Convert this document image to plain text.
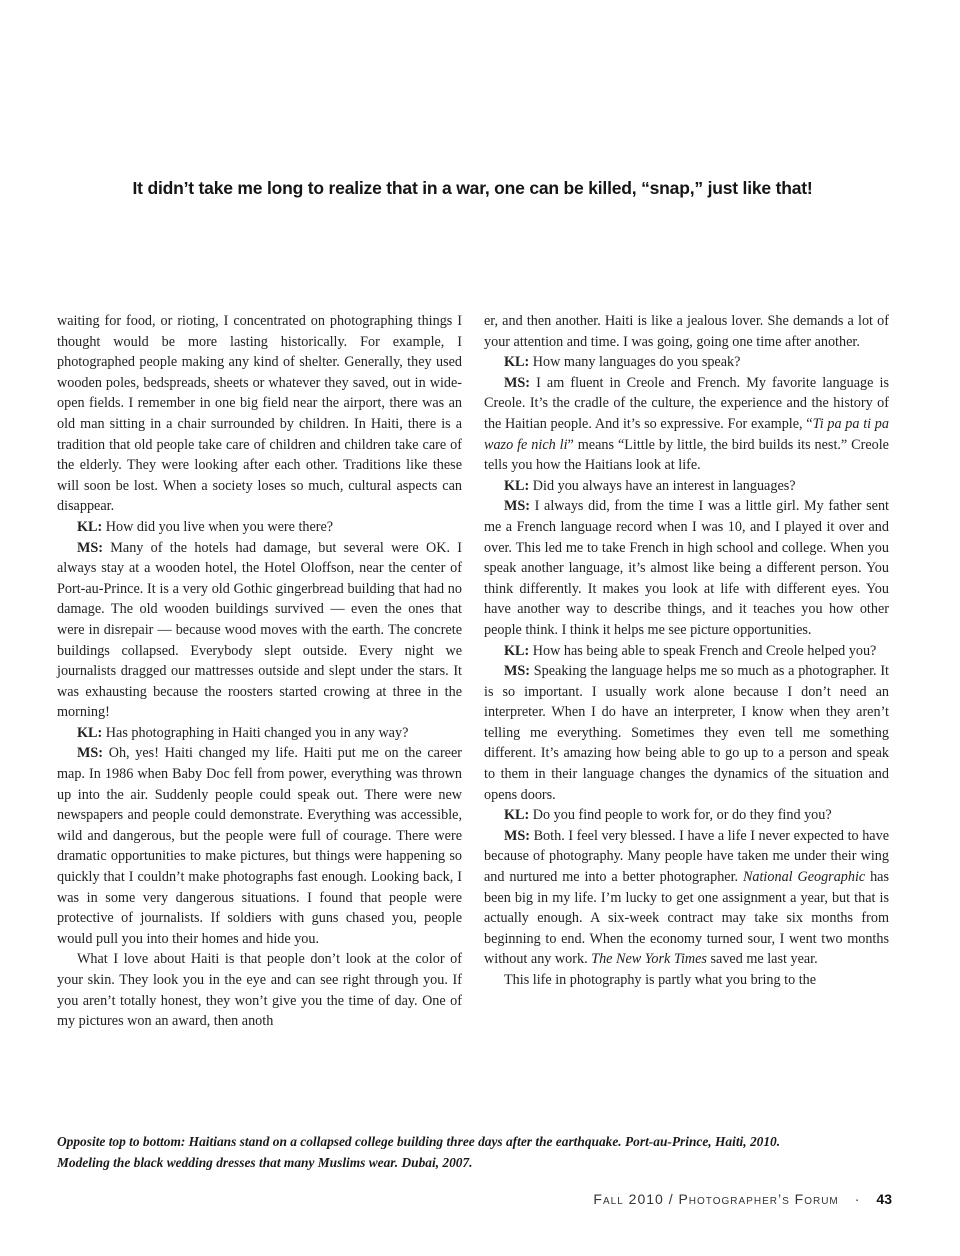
It didn’t take me long to realize that in a war, one can be killed, “snap,” just like that!

waiting for food, or rioting, I concentrated on photographing things I thought would be more lasting historically. For example, I photographed people making any kind of shelter. Generally, they used wooden poles, bedspreads, sheets or whatever they saved, out in wide-open fields. I remember in one big field near the airport, there was an old man sitting in a chair surrounded by children. In Haiti, there is a tradition that old people take care of children and children take care of the elderly. They were looking after each other. Traditions like these will soon be lost. When a society loses so much, cultural aspects can disappear.

KL: How did you live when you were there?

MS: Many of the hotels had damage, but several were OK. I always stay at a wooden hotel, the Hotel Oloffson, near the center of Port-au-Prince. It is a very old Gothic gingerbread building that had no damage. The old wooden buildings survived — even the ones that were in disrepair — because wood moves with the earth. The concrete buildings collapsed. Everybody slept outside. Every night we journalists dragged our mattresses outside and slept under the stars. It was exhausting because the roosters started crowing at three in the morning!

KL: Has photographing in Haiti changed you in any way?

MS: Oh, yes! Haiti changed my life. Haiti put me on the career map. In 1986 when Baby Doc fell from power, everything was thrown up into the air. Suddenly people could speak out. There were new newspapers and people could demonstrate. Everything was accessible, wild and dangerous, but the people were full of courage. There were dramatic opportunities to make pictures, but things were happening so quickly that I couldn’t make photographs fast enough. Looking back, I was in some very dangerous situations. I found that people were protective of journalists. If soldiers with guns chased you, people would pull you into their homes and hide you.

What I love about Haiti is that people don’t look at the color of your skin. They look you in the eye and can see right through you. If you aren’t totally honest, they won’t give you the time of day. One of my pictures won an award, then anoth

er, and then another. Haiti is like a jealous lover. She demands a lot of your attention and time. I was going, going one time after another.

KL: How many languages do you speak?

MS: I am fluent in Creole and French. My favorite language is Creole. It’s the cradle of the culture, the experience and the history of the Haitian people. And it’s so expressive. For example, “Ti pa pa ti pa wazo fe nich li” means “Little by little, the bird builds its nest.” Creole tells you how the Haitians look at life.

KL: Did you always have an interest in languages?

MS: I always did, from the time I was a little girl. My father sent me a French language record when I was 10, and I played it over and over. This led me to take French in high school and college. When you speak another language, it’s almost like being a different person. You think differently. It makes you look at life with different eyes. You have another way to describe things, and it teaches you how other people think. I think it helps me see picture opportunities.

KL: How has being able to speak French and Creole helped you?

MS: Speaking the language helps me so much as a photographer. It is so important. I usually work alone because I don’t need an interpreter. When I do have an interpreter, I know when they aren’t telling me everything. Sometimes they even tell me something different. It’s amazing how being able to go up to a person and speak to them in their language changes the dynamics of the situation and opens doors.

KL: Do you find people to work for, or do they find you?

MS: Both. I feel very blessed. I have a life I never expected to have because of photography. Many people have taken me under their wing and nurtured me into a better photographer. National Geographic has been big in my life. I’m lucky to get one assignment a year, but that is actually enough. A six-week contract may take six months from beginning to end. When the economy turned sour, I went two months without any work. The New York Times saved me last year.

This life in photography is partly what you bring to the

Opposite top to bottom: Haitians stand on a collapsed college building three days after the earthquake. Port-au-Prince, Haiti, 2010.
Modeling the black wedding dresses that many Muslims wear. Dubai, 2007.
Fall 2010 / Photographer’s Forum · 43
